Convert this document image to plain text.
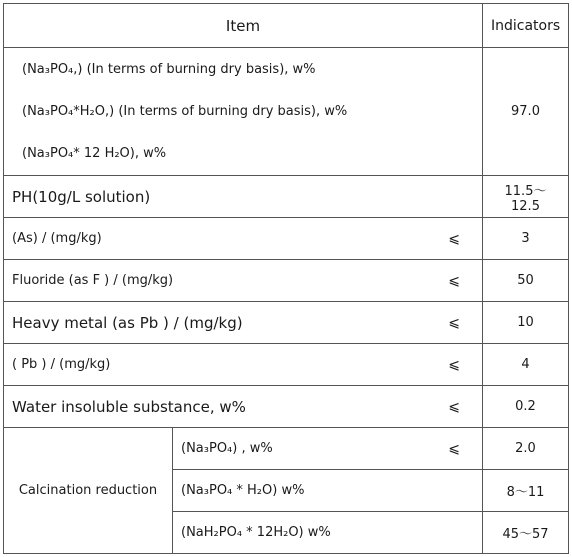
Item		Indicators

(Na₃PO₄,) (In terms of burning dry basis), w%
(Na₃PO₄*H₂O,) (In terms of burning dry basis), w%
(Na₃PO₄* 12 H₂O), w%		97.0
PH(10g/L solution)		11.5～12.5

(As) / (mg/kg) ⩽		3

Fluoride (as F ) / (mg/kg) ⩽		50

Heavy metal (as Pb ) / (mg/kg) ⩽		10

( Pb ) / (mg/kg) ⩽		4

Water insoluble substance, w% ⩽		0.2
Calcination reduction	(Na₃PO₄) , w% ⩽	2.0
	(Na₃PO₄ * H₂O) w%	8～11
	(NaH₂PO₄ * 12H₂O) w%	45～57
